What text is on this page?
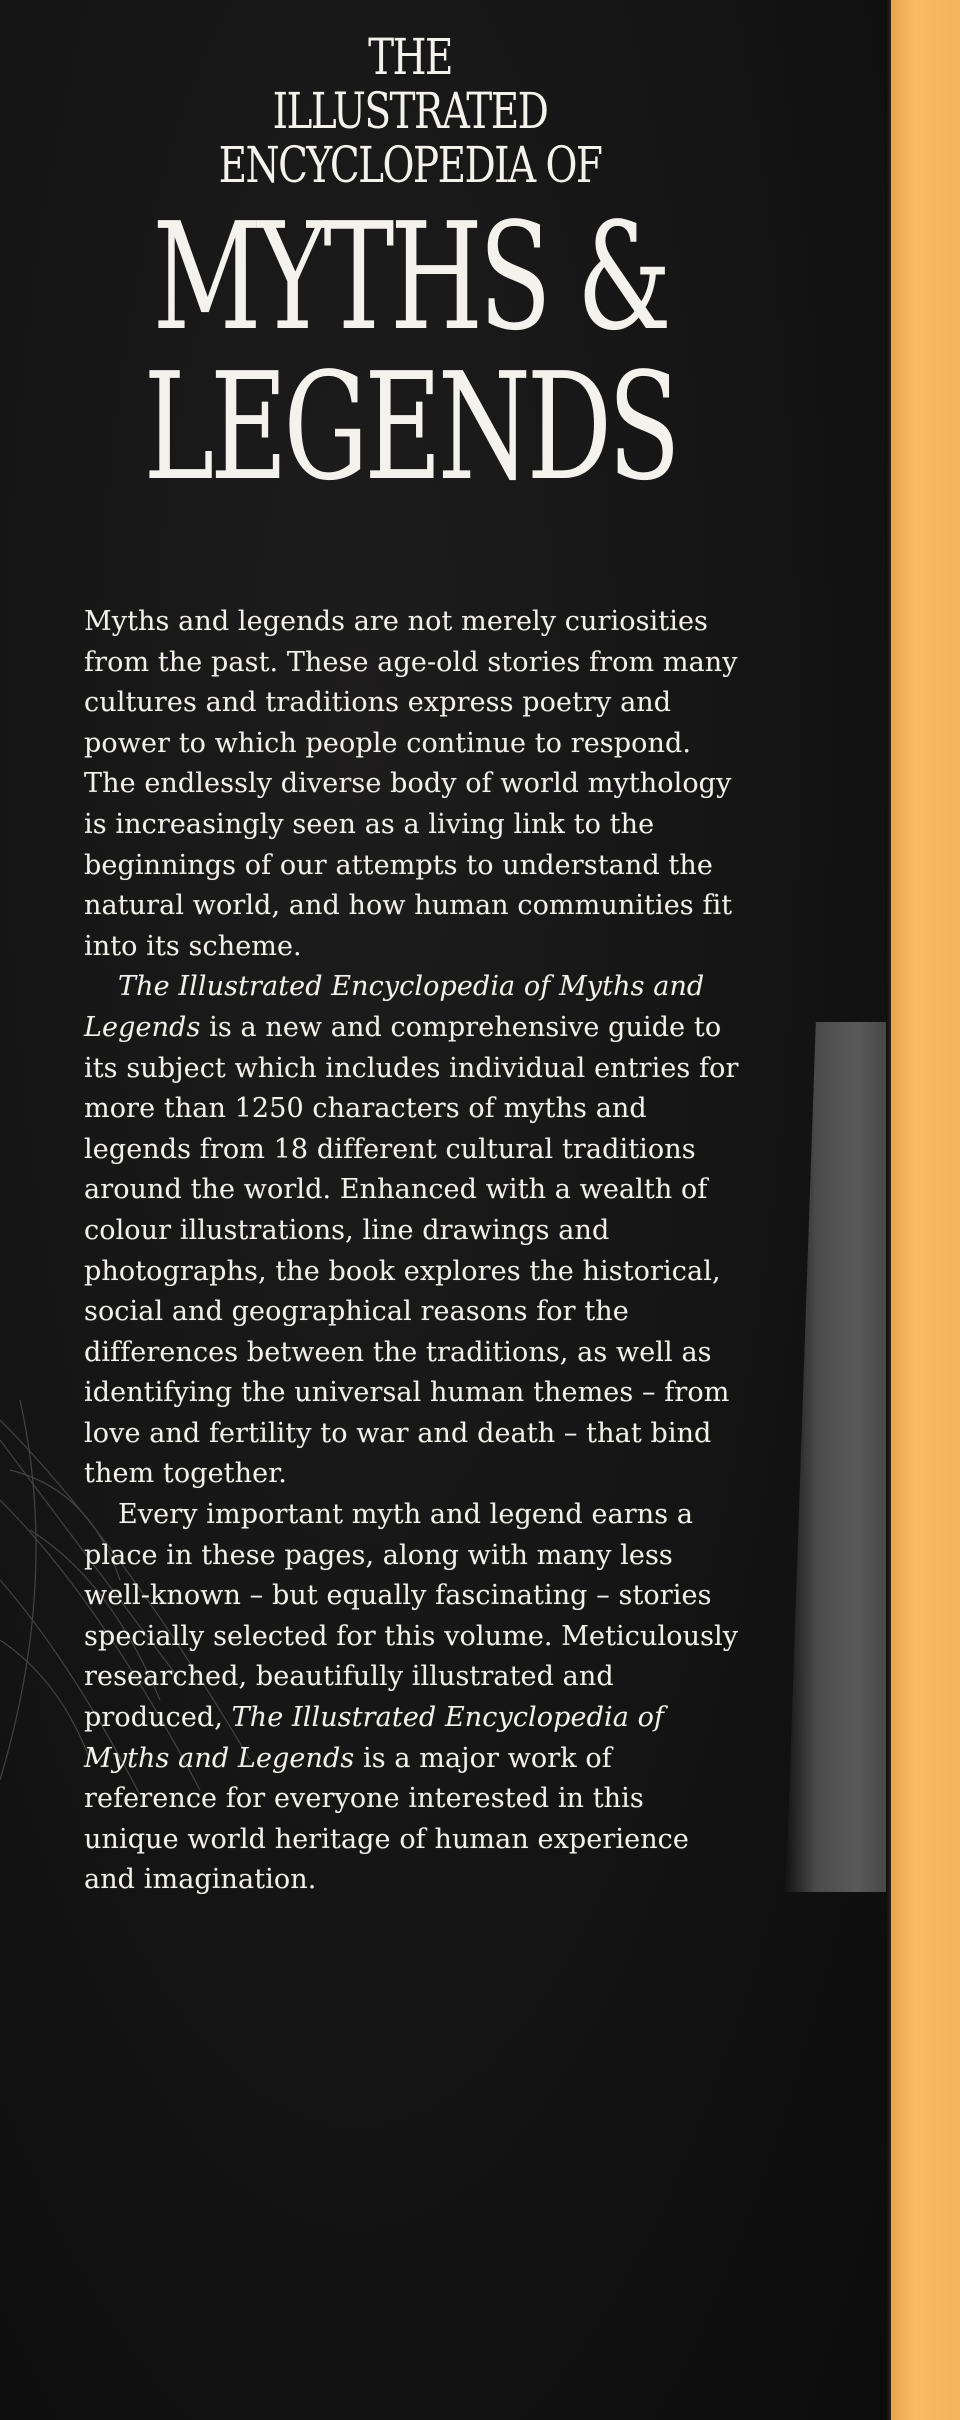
THE
ILLUSTRATED
ENCYCLOPEDIA OF
MYTHS &
LEGENDS

Myths and legends are not merely curiosities from the past. These age-old stories from many cultures and traditions express poetry and power to which people continue to respond. The endlessly diverse body of world mythology is increasingly seen as a living link to the beginnings of our attempts to understand the natural world, and how human communities fit into its scheme.

The Illustrated Encyclopedia of Myths and Legends is a new and comprehensive guide to its subject which includes individual entries for more than 1250 characters of myths and legends from 18 different cultural traditions around the world. Enhanced with a wealth of colour illustrations, line drawings and photographs, the book explores the historical, social and geographical reasons for the differences between the traditions, as well as identifying the universal human themes – from love and fertility to war and death – that bind them together.

Every important myth and legend earns a place in these pages, along with many less well-known – but equally fascinating – stories specially selected for this volume. Meticulously researched, beautifully illustrated and produced, The Illustrated Encyclopedia of Myths and Legends is a major work of reference for everyone interested in this unique world heritage of human experience and imagination.
